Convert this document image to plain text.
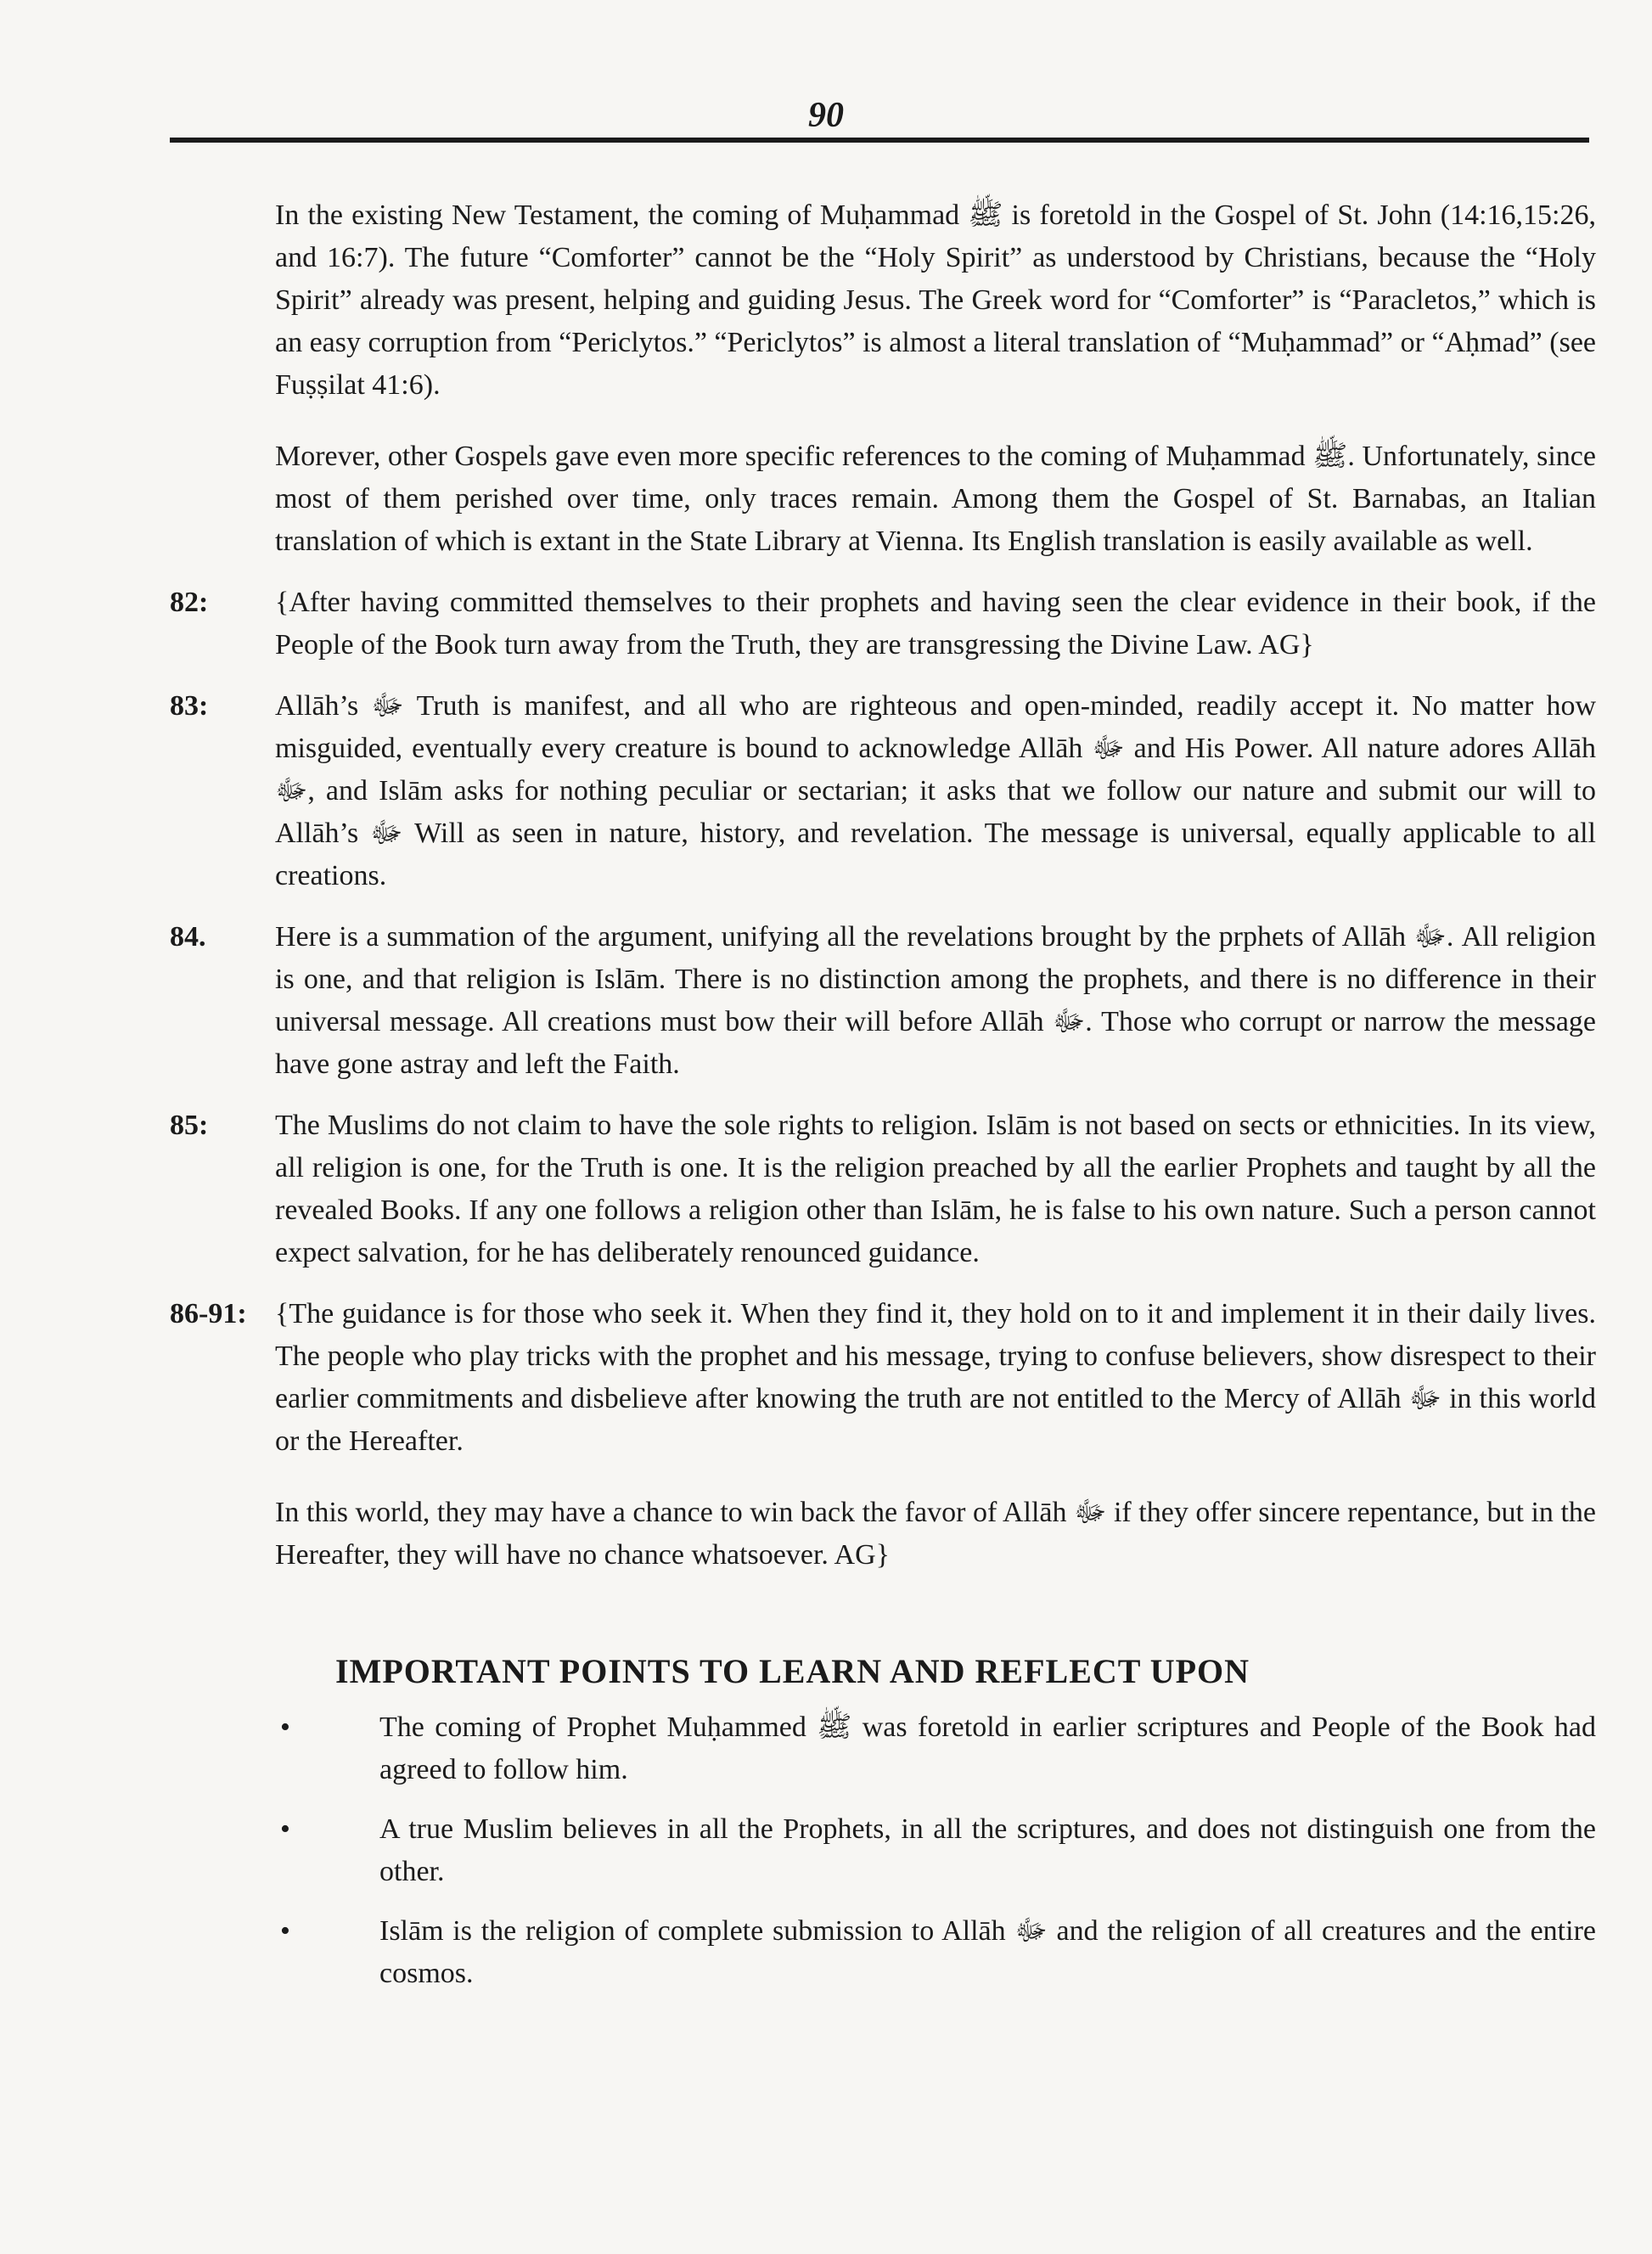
90

In the existing New Testament, the coming of Muḥammad ﷺ is foretold in the Gospel of St. John (14:16,15:26, and 16:7). The future “Comforter” cannot be the “Holy Spirit” as understood by Christians, because the “Holy Spirit” already was present, helping and guiding Jesus. The Greek word for “Comforter” is “Paracletos,” which is an easy corruption from “Periclytos.” “Periclytos” is almost a literal translation of “Muḥammad” or “Aḥmad” (see Fuṣṣilat 41:6).

Morever, other Gospels gave even more specific references to the coming of Muḥammad ﷺ. Unfortunately, since most of them perished over time, only traces remain. Among them the Gospel of St. Barnabas, an Italian translation of which is extant in the State Library at Vienna. Its English translation is easily available as well.

82: {After having committed themselves to their prophets and having seen the clear evidence in their book, if the People of the Book turn away from the Truth, they are transgressing the Divine Law. AG}
83: Allāh’s ﷻ Truth is manifest, and all who are righteous and open-minded, readily accept it. No matter how misguided, eventually every creature is bound to acknowledge Allāh ﷻ and His Power. All nature adores Allāh ﷻ, and Islām asks for nothing peculiar or sectarian; it asks that we follow our nature and submit our will to Allāh’s ﷻ Will as seen in nature, history, and revelation. The message is universal, equally applicable to all creations.
84. Here is a summation of the argument, unifying all the revelations brought by the prphets of Allāh ﷻ. All religion is one, and that religion is Islām. There is no distinction among the prophets, and there is no difference in their universal message. All creations must bow their will before Allāh ﷻ. Those who corrupt or narrow the message have gone astray and left the Faith.
85: The Muslims do not claim to have the sole rights to religion. Islām is not based on sects or ethnicities. In its view, all religion is one, for the Truth is one. It is the religion preached by all the earlier Prophets and taught by all the revealed Books. If any one follows a religion other than Islām, he is false to his own nature. Such a person cannot expect salvation, for he has deliberately renounced guidance.
86-91: {The guidance is for those who seek it. When they find it, they hold on to it and implement it in their daily lives. The people who play tricks with the prophet and his message, trying to confuse believers, show disrespect to their earlier commitments and disbelieve after knowing the truth are not entitled to the Mercy of Allāh ﷻ in this world or the Hereafter.

In this world, they may have a chance to win back the favor of Allāh ﷻ if they offer sincere repentance, but in the Hereafter, they will have no chance whatsoever. AG}

IMPORTANT POINTS TO LEARN AND REFLECT UPON
•	The coming of Prophet Muḥammed ﷺ was foretold in earlier scriptures and People of the Book had agreed to follow him.
•	A true Muslim believes in all the Prophets, in all the scriptures, and does not distinguish one from the other.
•	Islām is the religion of complete submission to Allāh ﷻ and the religion of all creatures and the entire cosmos.
